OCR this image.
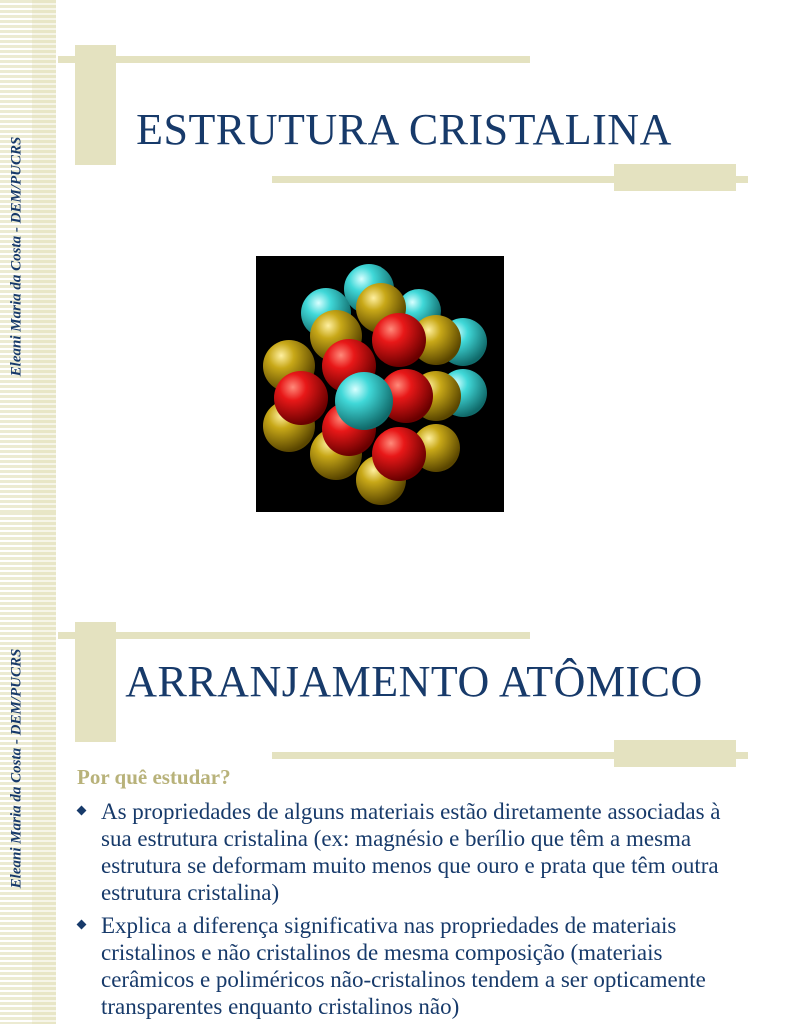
Eleani Maria da Costa - DEM/PUCRS
ESTRUTURA CRISTALINA
Eleani Maria da Costa - DEM/PUCRS	ARRANJAMENTO ATÔMICO
Por quê estudar?
As propriedades de alguns materiais estão diretamente associadas à sua estrutura cristalina (ex: magnésio e berílio que têm a mesma estrutura se deformam muito menos que ouro e prata que têm outra estrutura cristalina)
Explica a diferença significativa nas propriedades de materiais cristalinos e não cristalinos de mesma composição (materiais cerâmicos e poliméricos não-cristalinos tendem a ser opticamente transparentes enquanto cristalinos não)
